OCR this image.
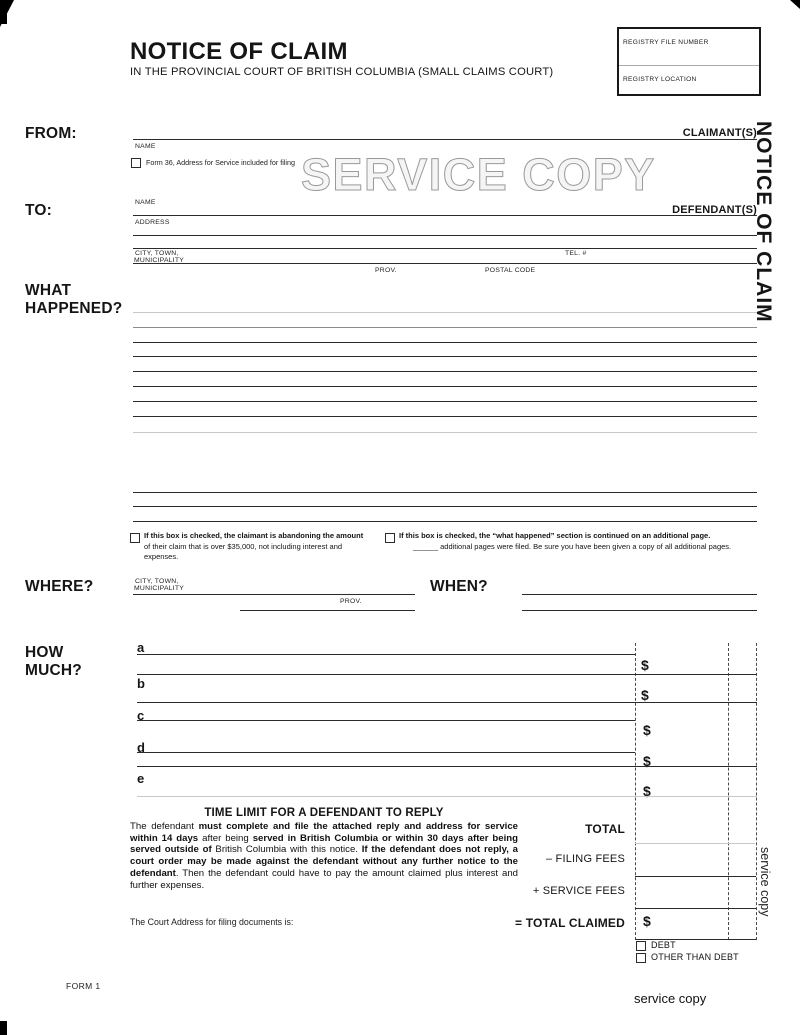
REGISTRY FILE NUMBER
REGISTRY LOCATION
NOTICE OF CLAIM
IN THE PROVINCIAL COURT OF BRITISH COLUMBIA (SMALL CLAIMS COURT)
NOTICE OF CLAIM
SERVICE COPY
FROM:	CLAIMANT(S)
NAME
Form 36, Address for Service included for filing
TO:	NAME
DEFENDANT(S)
ADDRESS
CITY, TOWN,
MUNICIPALITY
TEL. #
PROV.	POSTAL CODE
WHAT
HAPPENED?
If this box is checked, the claimant is abandoning the amount
of their claim that is over $35,000, not including interest and
expenses.
If this box is checked, the “what happened” section is continued on an additional page.
______ additional pages were filed. Be sure you have been given a copy of all additional pages.
WHERE?	CITY, TOWN,
MUNICIPALITY
PROV.
WHEN?
HOW
MUCH?
a
$
b
$
c
$
d
$
e
$
TIME LIMIT FOR A DEFENDANT TO REPLY
The defendant must complete and file the attached reply and address for service within 14 days after being served in British Columbia or within 30 days after being served outside of British Columbia with this notice. If the defendant does not reply, a court order may be made against the defendant without any further notice to the defendant. Then the defendant could have to pay the amount claimed plus interest and further expenses.
The Court Address for filing documents is:
TOTAL
– FILING FEES
+ SERVICE FEES
= TOTAL CLAIMED $
DEBT
OTHER THAN DEBT
service copy
FORM 1
service copy
